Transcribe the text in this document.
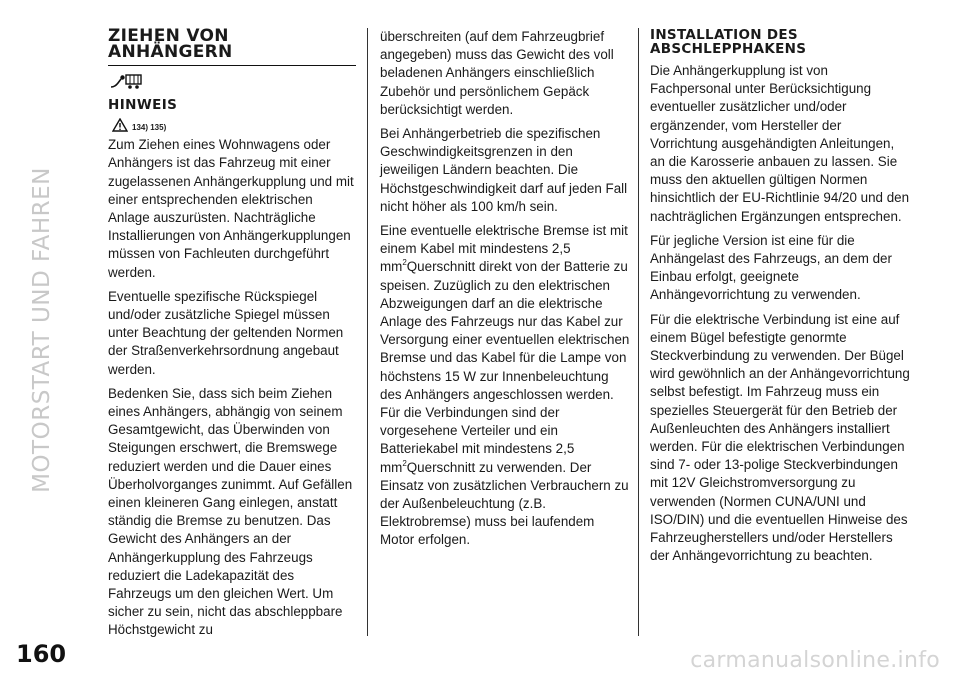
MOTORSTART UND FAHREN
ZIEHEN VON ANHÄNGERN
HINWEIS
134) 135)

Zum Ziehen eines Wohnwagens oder Anhängers ist das Fahrzeug mit einer zugelassenen Anhängerkupplung und mit einer entsprechenden elektrischen Anlage auszurüsten. Nachträgliche Installierungen von Anhängerkupplungen müssen von Fachleuten durchgeführt werden.

Eventuelle spezifische Rückspiegel und/oder zusätzliche Spiegel müssen unter Beachtung der geltenden Normen der Straßenverkehrsordnung angebaut werden.

Bedenken Sie, dass sich beim Ziehen eines Anhängers, abhängig von seinem Gesamtgewicht, das Überwinden von Steigungen erschwert, die Bremswege reduziert werden und die Dauer eines Überholvorganges zunimmt. Auf Gefällen einen kleineren Gang einlegen, anstatt ständig die Bremse zu benutzen. Das Gewicht des Anhängers an der Anhängerkupplung des Fahrzeugs reduziert die Ladekapazität des Fahrzeugs um den gleichen Wert. Um sicher zu sein, nicht das abschleppbare Höchstgewicht zu

überschreiten (auf dem Fahrzeugbrief angegeben) muss das Gewicht des voll beladenen Anhängers einschließlich Zubehör und persönlichem Gepäck berücksichtigt werden.

Bei Anhängerbetrieb die spezifischen Geschwindigkeitsgrenzen in den jeweiligen Ländern beachten. Die Höchstgeschwindigkeit darf auf jeden Fall nicht höher als 100 km/h sein.

Eine eventuelle elektrische Bremse ist mit einem Kabel mit mindestens 2,5 $mm^2Querschnitt$ direkt von der Batterie zu speisen. Zuzüglich zu den elektrischen Abzweigungen darf an die elektrische Anlage des Fahrzeugs nur das Kabel zur Versorgung einer eventuellen elektrischen Bremse und das Kabel für die Lampe von höchstens 15 W zur Innenbeleuchtung des Anhängers angeschlossen werden. Für die Verbindungen sind der vorgesehene Verteiler und ein Batteriekabel mit mindestens 2,5 $mm^2Querschnitt$ zu verwenden. Der Einsatz von zusätzlichen Verbrauchern zu der Außenbeleuchtung (z.B. Elektrobremse) muss bei laufendem Motor erfolgen.

INSTALLATION DES ABSCHLEPPHAKENS

Die Anhängerkupplung ist von Fachpersonal unter Berücksichtigung eventueller zusätzlicher und/oder ergänzender, vom Hersteller der Vorrichtung ausgehändigten Anleitungen, an die Karosserie anbauen zu lassen. Sie muss den aktuellen gültigen Normen hinsichtlich der EU-Richtlinie 94/20 und den nachträglichen Ergänzungen entsprechen.

Für jegliche Version ist eine für die Anhängelast des Fahrzeugs, an dem der Einbau erfolgt, geeignete Anhängevorrichtung zu verwenden.

Für die elektrische Verbindung ist eine auf einem Bügel befestigte genormte Steckverbindung zu verwenden. Der Bügel wird gewöhnlich an der Anhängevorrichtung selbst befestigt. Im Fahrzeug muss ein spezielles Steuergerät für den Betrieb der Außenleuchten des Anhängers installiert werden. Für die elektrischen Verbindungen sind 7- oder 13-polige Steckverbindungen mit 12V Gleichstromversorgung zu verwenden (Normen CUNA/UNI und ISO/DIN) und die eventuellen Hinweise des Fahrzeugherstellers und/oder Herstellers der Anhängevorrichtung zu beachten.

160	carmanualsonline.info
